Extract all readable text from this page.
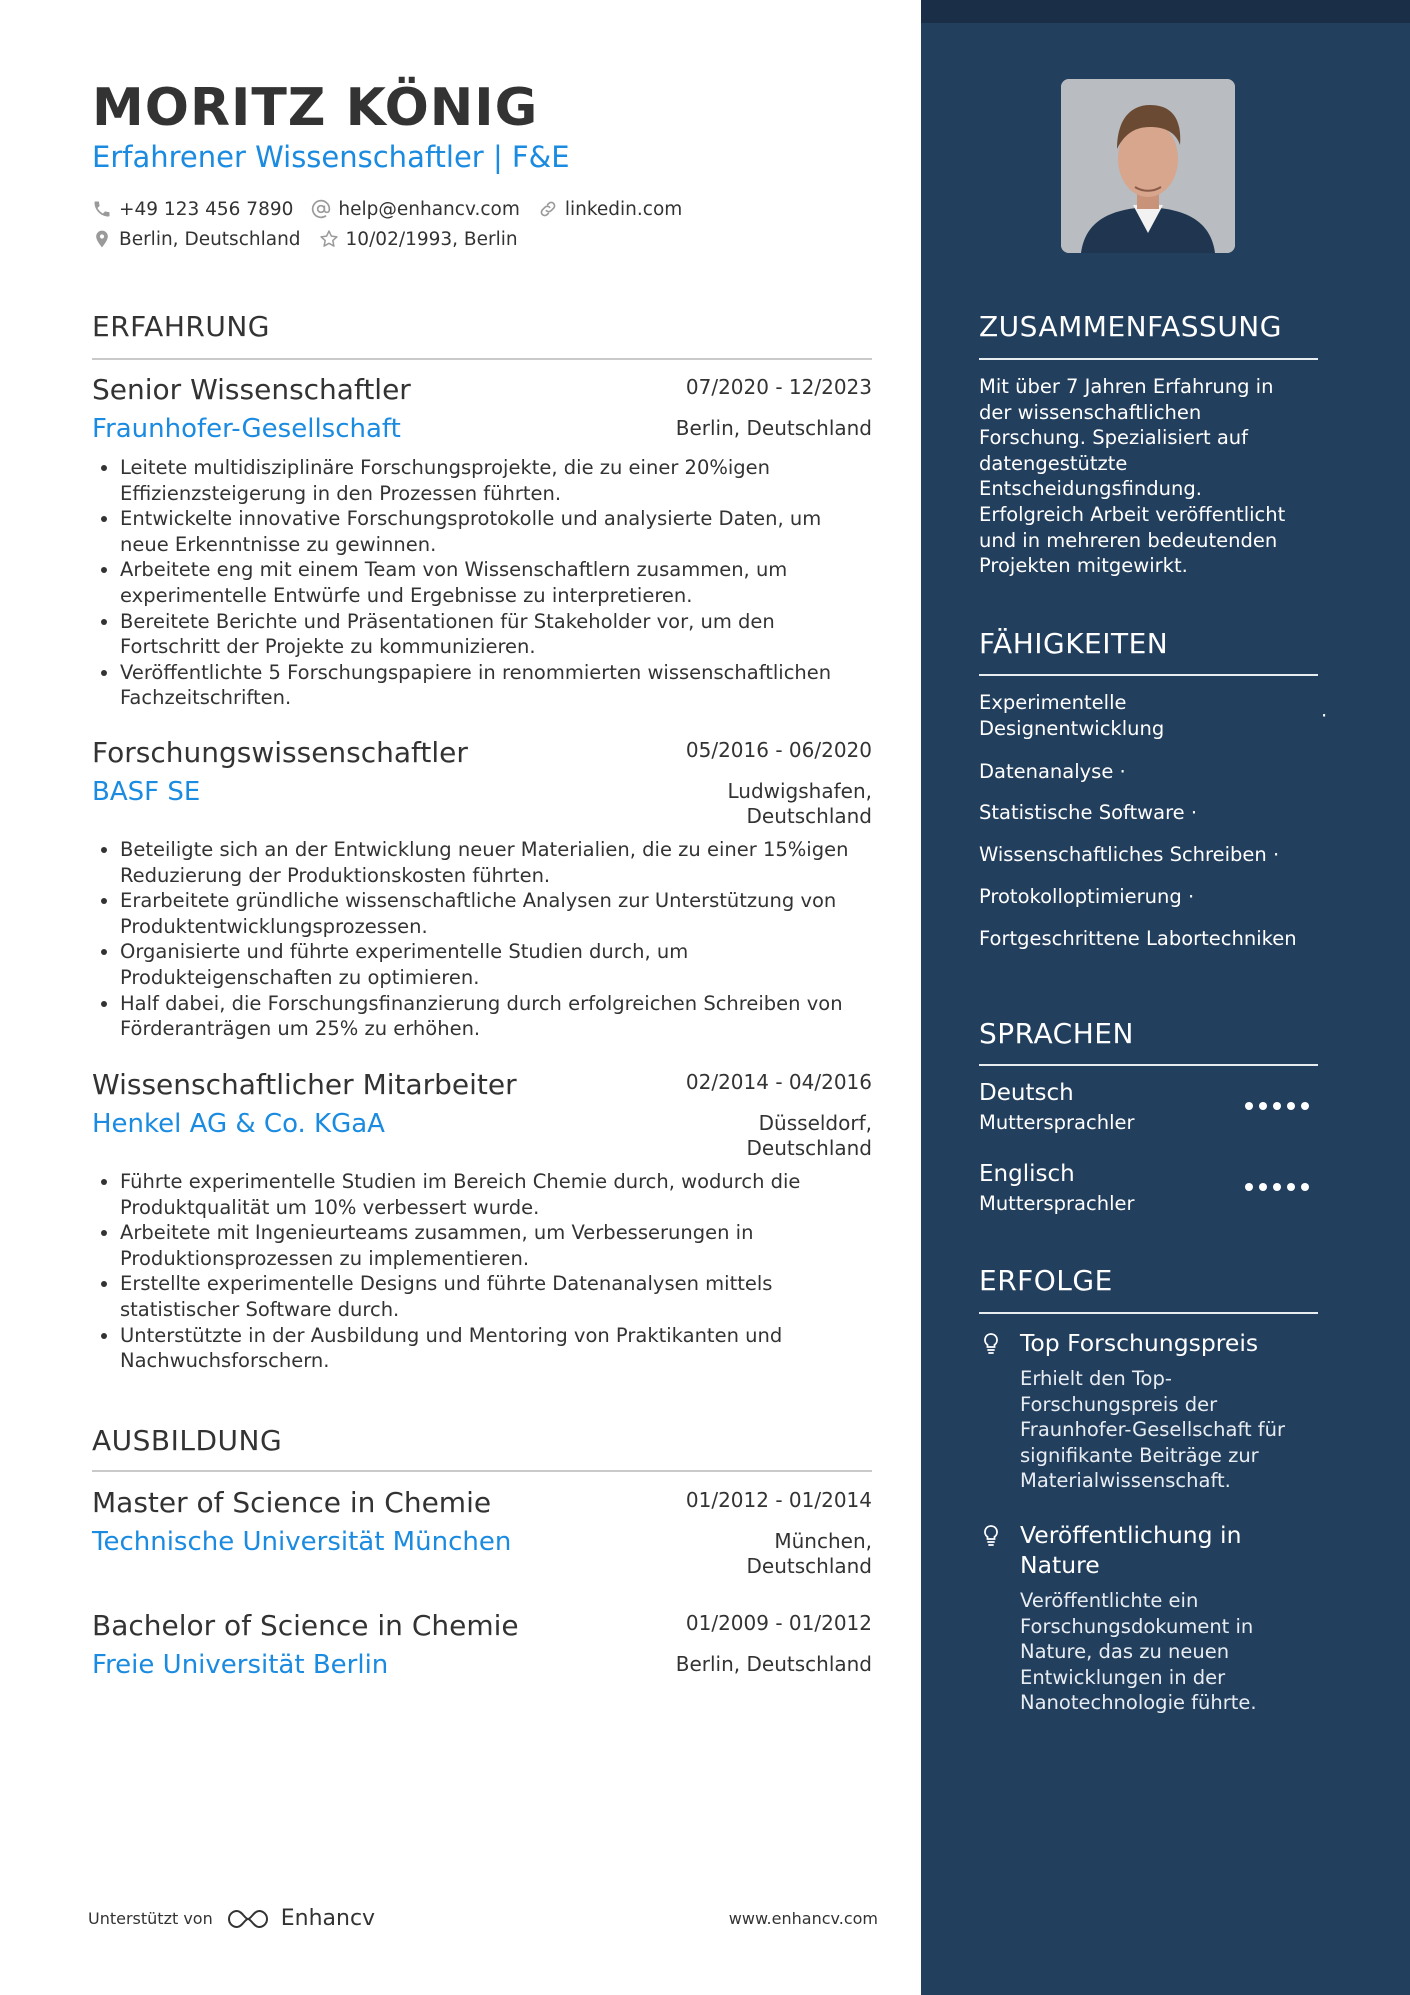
MORITZ KÖNIG
Erfahrener Wissenschaftler | F&E
+49 123 456 7890 help@enhancv.com linkedin.com
Berlin, Deutschland 10/02/1993, Berlin
ERFAHRUNG
Senior Wissenschaftler	07/2020 - 12/2023
Fraunhofer-Gesellschaft	Berlin, Deutschland
• Leitete multidisziplinäre Forschungsprojekte, die zu einer 20%igen Effizienzsteigerung in den Prozessen führten.
• Entwickelte innovative Forschungsprotokolle und analysierte Daten, um neue Erkenntnisse zu gewinnen.
• Arbeitete eng mit einem Team von Wissenschaftlern zusammen, um experimentelle Entwürfe und Ergebnisse zu interpretieren.
• Bereitete Berichte und Präsentationen für Stakeholder vor, um den Fortschritt der Projekte zu kommunizieren.
• Veröffentlichte 5 Forschungspapiere in renommierten wissenschaftlichen Fachzeitschriften.
Forschungswissenschaftler	05/2016 - 06/2020
BASF SE	Ludwigshafen,
Deutschland
• Beteiligte sich an der Entwicklung neuer Materialien, die zu einer 15%igen Reduzierung der Produktionskosten führten.
• Erarbeitete gründliche wissenschaftliche Analysen zur Unterstützung von Produktentwicklungsprozessen.
• Organisierte und führte experimentelle Studien durch, um Produkteigenschaften zu optimieren.
• Half dabei, die Forschungsfinanzierung durch erfolgreichen Schreiben von Förderanträgen um 25% zu erhöhen.
Wissenschaftlicher Mitarbeiter	02/2014 - 04/2016
Henkel AG & Co. KGaA	Düsseldorf,
Deutschland
• Führte experimentelle Studien im Bereich Chemie durch, wodurch die Produktqualität um 10% verbessert wurde.
• Arbeitete mit Ingenieurteams zusammen, um Verbesserungen in Produktionsprozessen zu implementieren.
• Erstellte experimentelle Designs und führte Datenanalysen mittels statistischer Software durch.
• Unterstützte in der Ausbildung und Mentoring von Praktikanten und Nachwuchsforschern.
AUSBILDUNG
Master of Science in Chemie	01/2012 - 01/2014
Technische Universität München	München,
Deutschland
Bachelor of Science in Chemie	01/2009 - 01/2012
Freie Universität Berlin	Berlin, Deutschland
Unterstützt von	Enhancv	www.enhancv.com
ZUSAMMENFASSUNG
Mit über 7 Jahren Erfahrung in der wissenschaftlichen Forschung. Spezialisiert auf datengestützte Entscheidungsfindung. Erfolgreich Arbeit veröffentlicht und in mehreren bedeutenden Projekten mitgewirkt.
FÄHIGKEITEN
Experimentelle Designentwicklung
·
Datenanalyse ·
Statistische Software ·
Wissenschaftliches Schreiben ·
Protokolloptimierung ·
Fortgeschrittene Labortechniken
SPRACHEN
Deutsch
Muttersprachler
Englisch
Muttersprachler
ERFOLGE
Top Forschungspreis
Erhielt den Top-Forschungspreis der Fraunhofer-Gesellschaft für signifikante Beiträge zur Materialwissenschaft.
Veröffentlichung in Nature
Veröffentlichte ein Forschungsdokument in Nature, das zu neuen Entwicklungen in der Nanotechnologie führte.
